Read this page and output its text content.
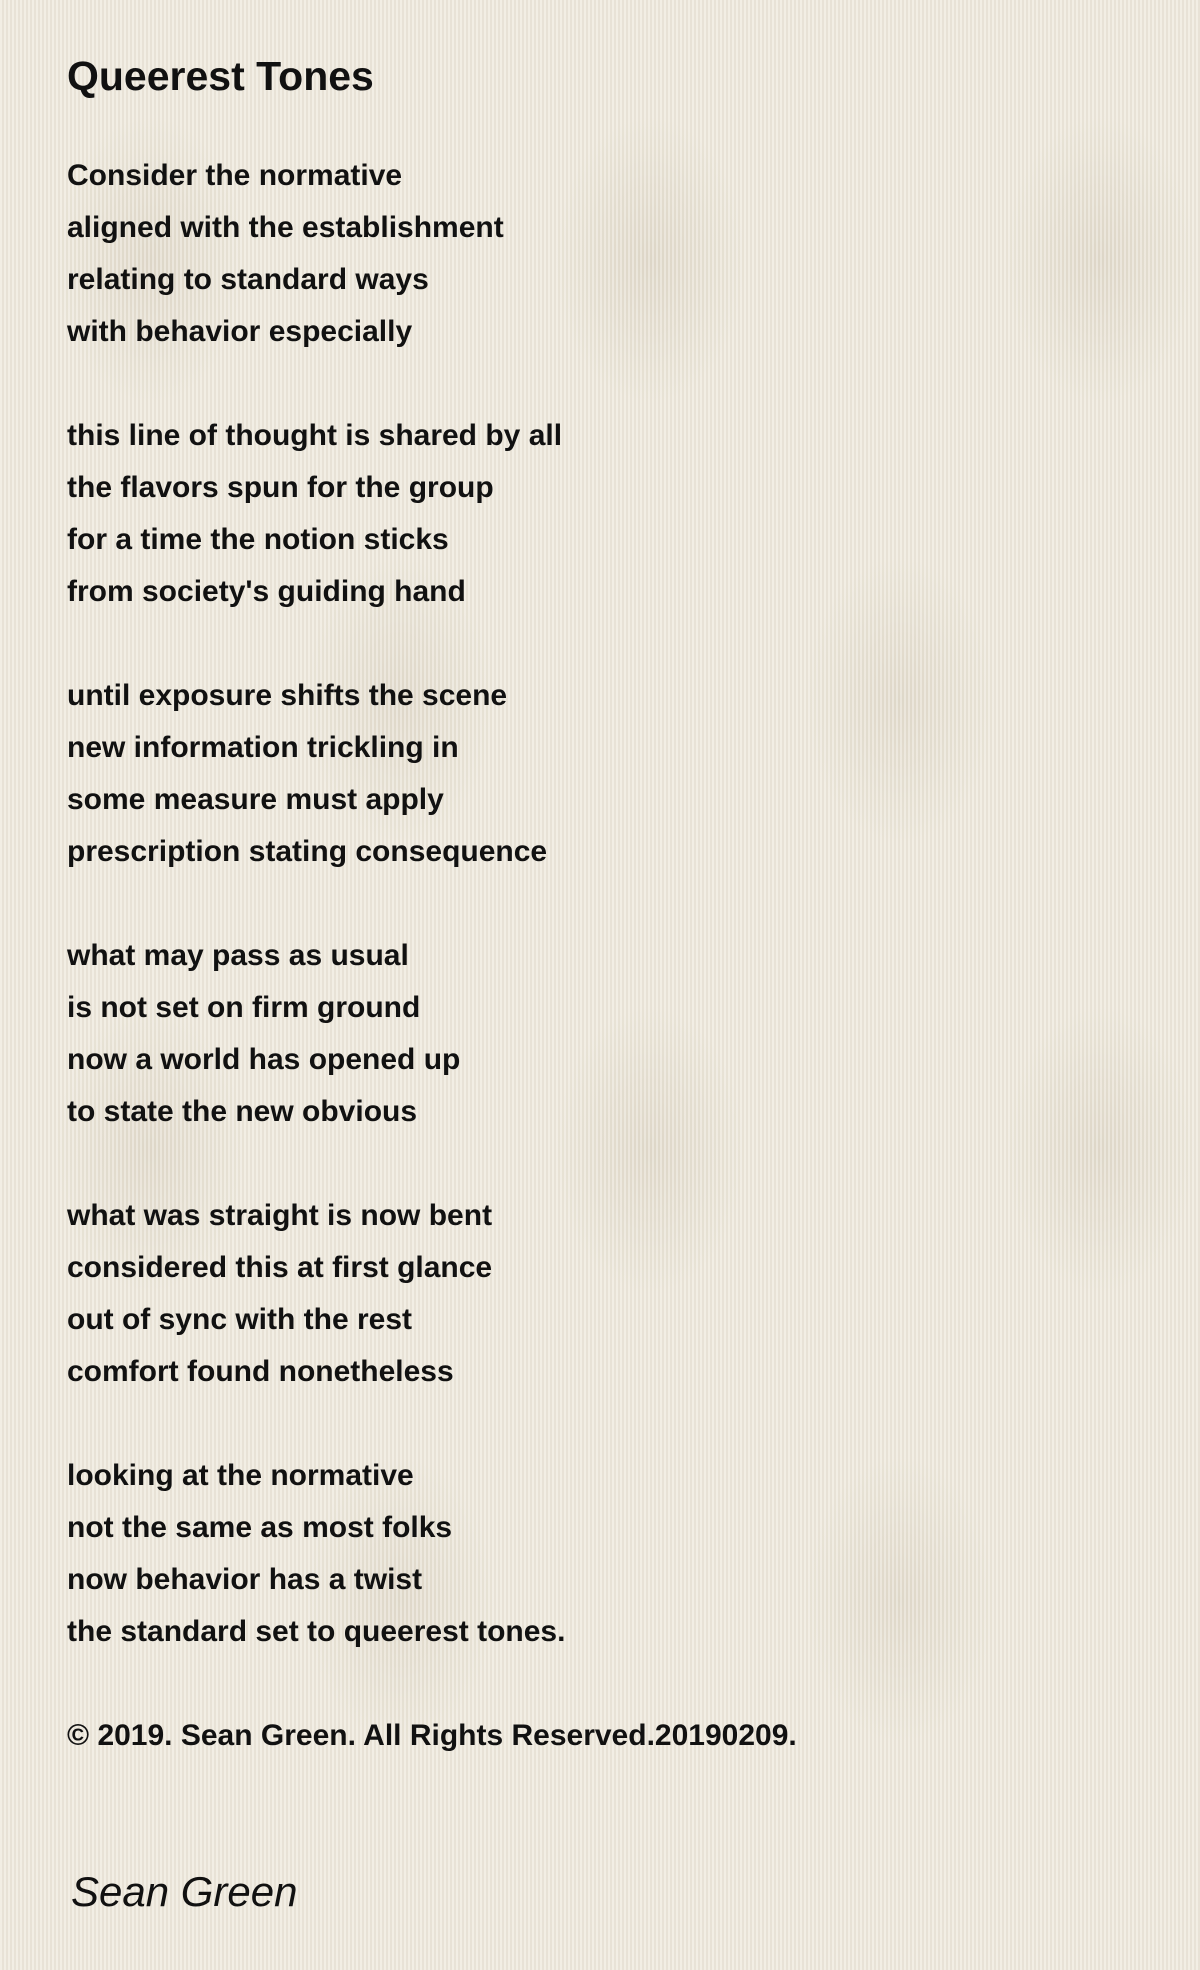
Queerest Tones
Consider the normative
aligned with the establishment
relating to standard ways
with behavior especially
this line of thought is shared by all
the flavors spun for the group
for a time the notion sticks
from society's guiding hand
until exposure shifts the scene
new information trickling in
some measure must apply
prescription stating consequence
what may pass as usual
is not set on firm ground
now a world has opened up
to state the new obvious
what was straight is now bent
considered this at first glance
out of sync with the rest
comfort found nonetheless
looking at the normative
not the same as most folks
now behavior has a twist
the standard set to queerest tones.
© 2019. Sean Green. All Rights Reserved.20190209.

Sean Green
